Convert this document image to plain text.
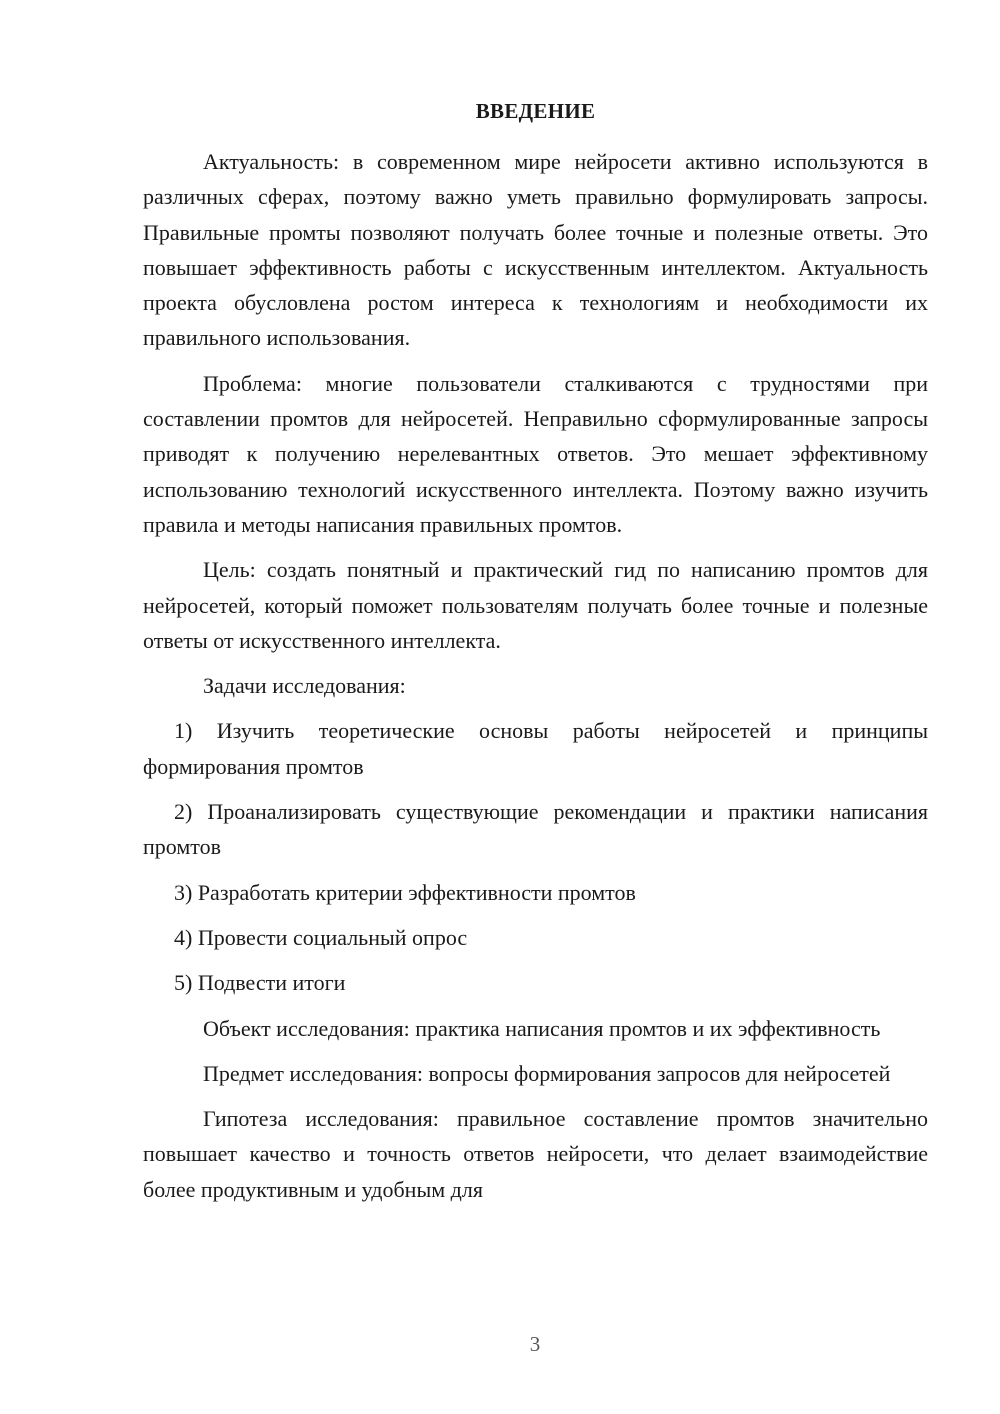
ВВЕДЕНИЕ

Актуальность: в современном мире нейросети активно используются в различных сферах, поэтому важно уметь правильно формулировать запросы. Правильные промты позволяют получать более точные и полезные ответы. Это повышает эффективность работы с искусственным интеллектом. Актуальность проекта обусловлена ростом интереса к технологиям и необходимости их правильного использования.

Проблема: многие пользователи сталкиваются с трудностями при составлении промтов для нейросетей. Неправильно сформулированные запросы приводят к получению нерелевантных ответов. Это мешает эффективному использованию технологий искусственного интеллекта. Поэтому важно изучить правила и методы написания правильных промтов.

Цель: создать понятный и практический гид по написанию промтов для нейросетей, который поможет пользователям получать более точные и полезные ответы от искусственного интеллекта.

Задачи исследования:

1) Изучить теоретические основы работы нейросетей и принципы формирования промтов

2) Проанализировать существующие рекомендации и практики написания промтов

3) Разработать критерии эффективности промтов

4) Провести социальный опрос

5) Подвести итоги

Объект исследования: практика написания промтов и их эффективность

Предмет исследования: вопросы формирования запросов для нейросетей

Гипотеза исследования: правильное составление промтов значительно повышает качество и точность ответов нейросети, что делает взаимодействие более продуктивным и удобным для

3
